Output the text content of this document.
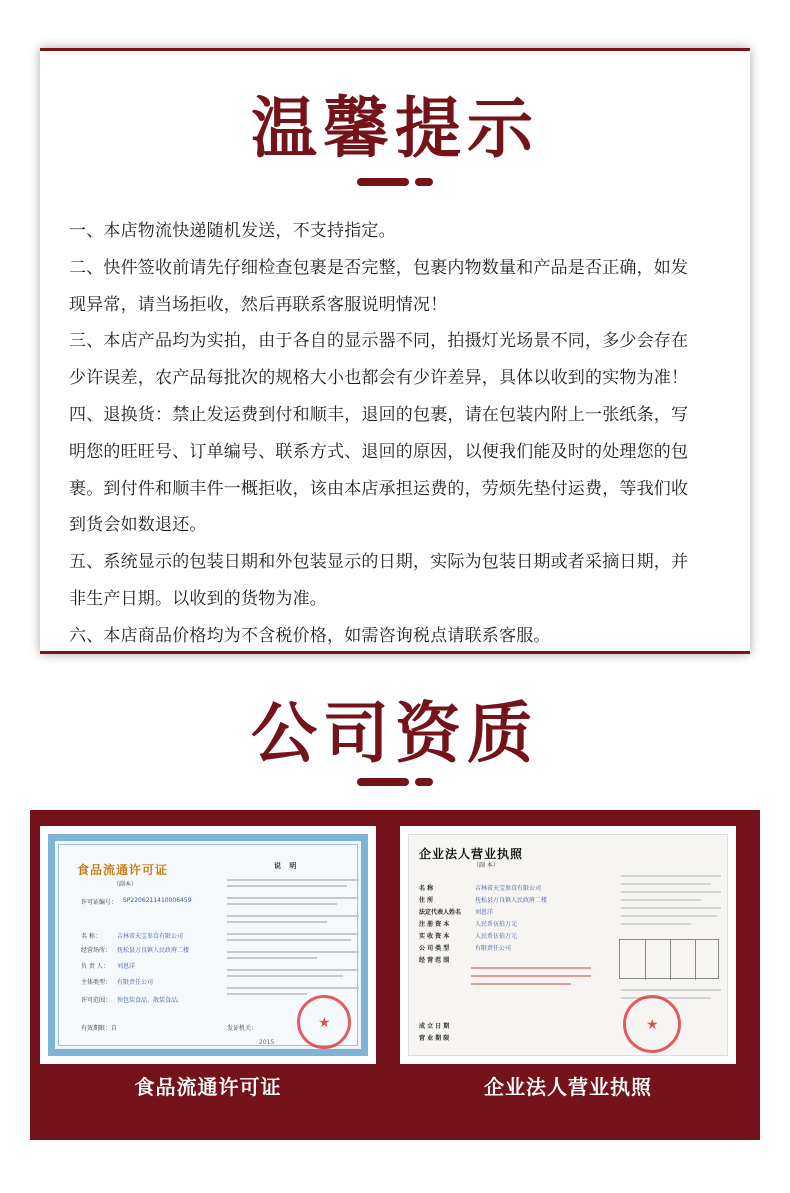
温馨提示
一、本店物流快递随机发送，不支持指定。
二、快件签收前请先仔细检查包裹是否完整，包裹内物数量和产品是否正确，如发
现异常，请当场拒收，然后再联系客服说明情况！
三、本店产品均为实拍，由于各自的显示器不同，拍摄灯光场景不同，多少会存在
少许误差，农产品每批次的规格大小也都会有少许差异，具体以收到的实物为准！
四、退换货：禁止发运费到付和顺丰，退回的包裹，请在包装内附上一张纸条，写
明您的旺旺号、订单编号、联系方式、退回的原因，以便我们能及时的处理您的包
裹。到付件和顺丰件一概拒收，该由本店承担运费的，劳烦先垫付运费，等我们收
到货会如数退还。
五、系统显示的包装日期和外包装显示的日期，实际为包装日期或者采摘日期，并
非生产日期。以收到的货物为准。
六、本店商品价格均为不含税价格，如需咨询税点请联系客服。
公司资质
食品流通许可证
（副本）
说 明
许可证编号： SP2206211410006459
名 称：	吉林省天宝参茸有限公司
经营场所： 抚松县万良镇人民政府二楼
负 责 人： 刘恩洋
主体类型： 有限责任公司
许可范围： 预包装食品、散装食品。
有效期限：自	发证机关：
2015
★
企业法人营业执照
（副 本）
名 称	吉林省天宝参茸有限公司
住 所	抚松县万良镇人民政府二楼
法定代表人姓名 刘恩洋
注 册 资 本	人民币伍拾万元
实 收 资 本	人民币伍拾万元
公 司 类 型	有限责任公司
经 营 范 围
成 立 日 期
营 业 期 限
★
食品流通许可证	企业法人营业执照
